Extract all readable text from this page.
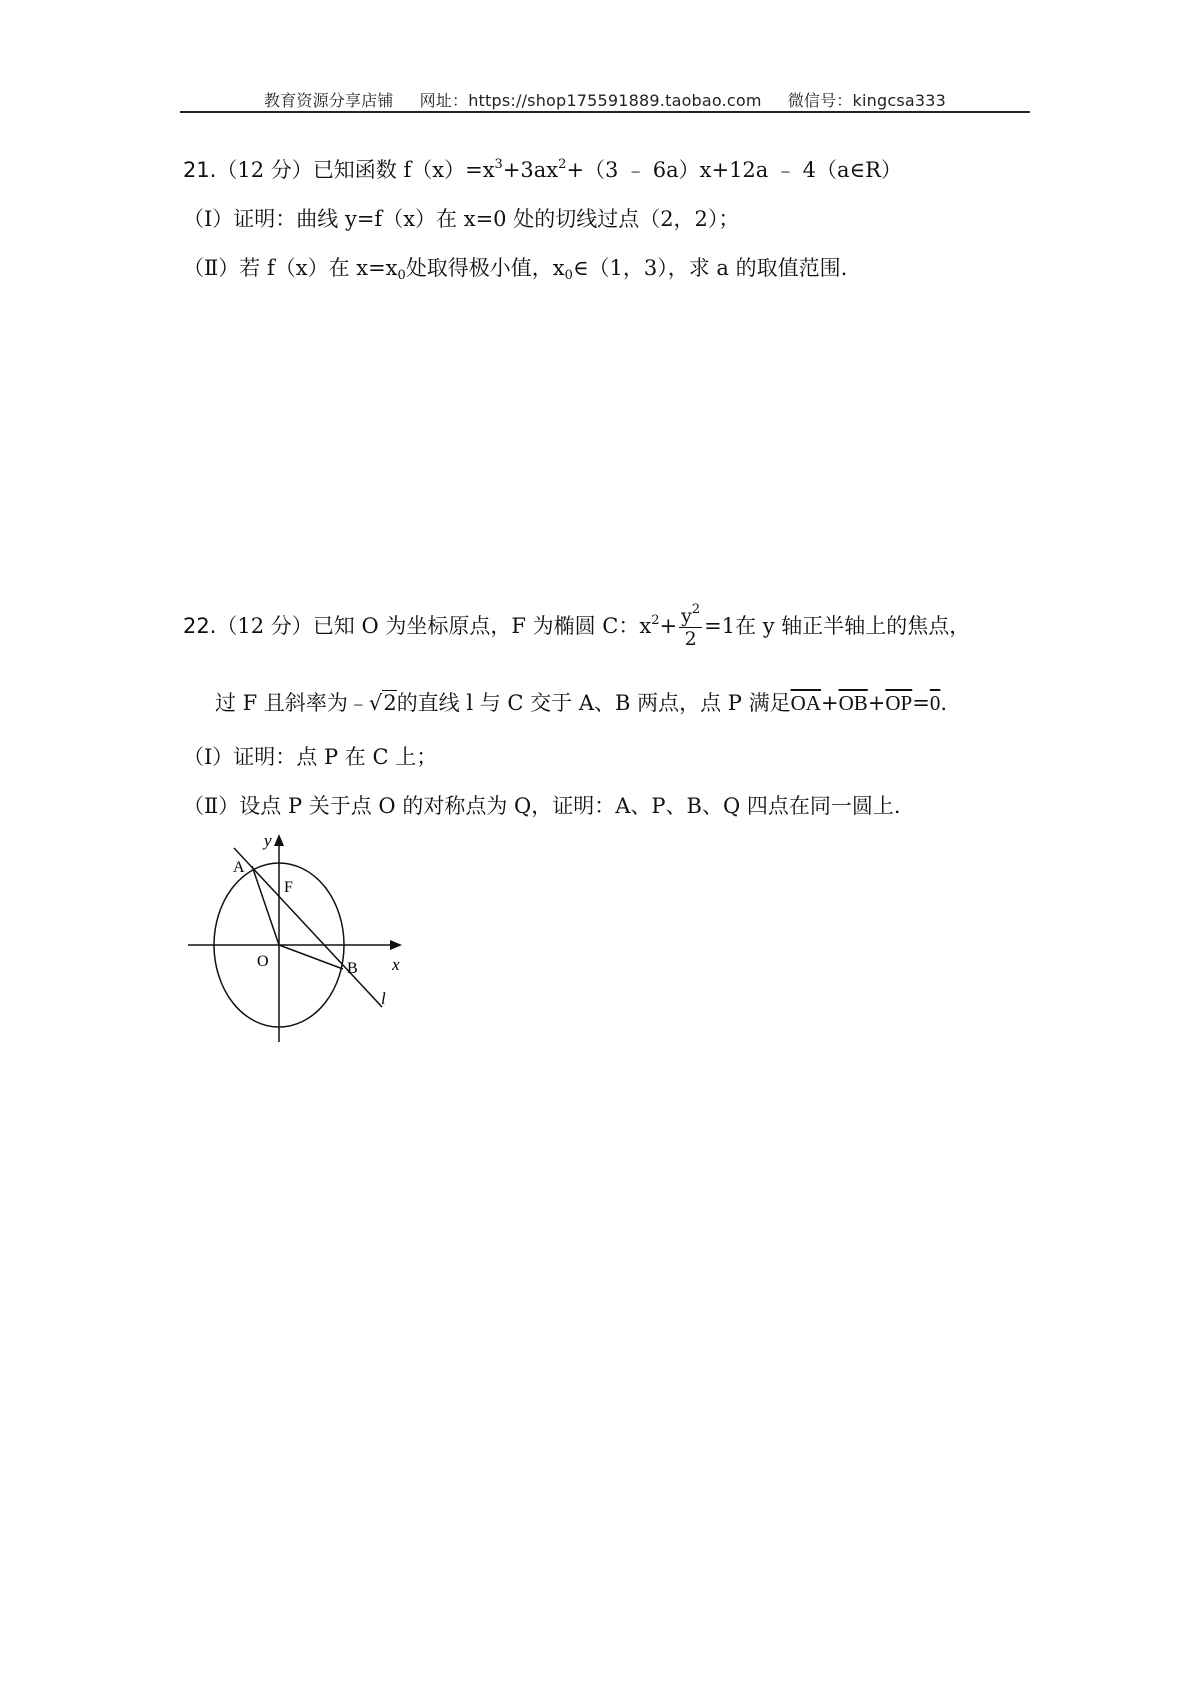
教育资源分享店铺 网址：https://shop175591889.taobao.com 微信号：kingcsa333
21.（12 分）已知函数 $f(x)=x^3+3ax^2+(3$ ﹣ 6a）x+12a ﹣ 4（a∈R）
（Ⅰ）证明：曲线 y=f（x）在 x=0 处的切线过点（2，2）；
（Ⅱ）若 f（x）在 $x=x_0$处取得极小值，$x_0\in(1$，3），求 a 的取值范围.
22.（12 分）已知 O 为坐标原点，F 为椭圆 C：$x^2+ \frac{y^2}{2} =1$在 y 轴正半轴上的焦点，
过 F 且斜率为﹣√2的直线 l 与 C 交于 A、B 两点，点 P 满足$\overline{OA}+\overline{OB}+\overline{OP}=0$.
（Ⅰ）证明：点 P 在 C 上；
（Ⅱ）设点 P 关于点 O 的对称点为 Q，证明：A、P、B、Q 四点在同一圆上.
y
x
A
F
O	B
l
